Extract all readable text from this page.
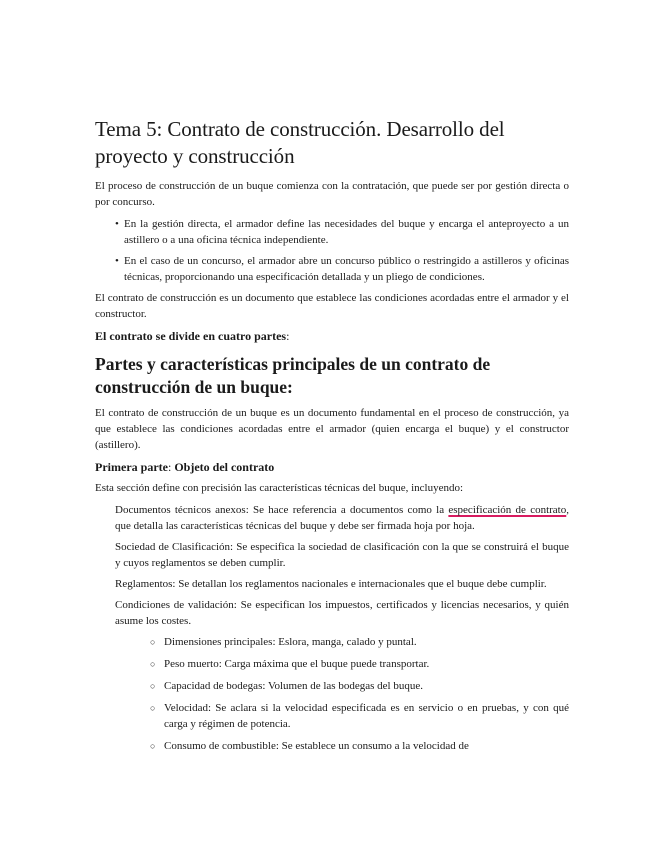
Tema 5: Contrato de construcción. Desarrollo del proyecto y construcción

El proceso de construcción de un buque comienza con la contratación, que puede ser por gestión directa o por concurso.

• En la gestión directa, el armador define las necesidades del buque y encarga el anteproyecto a un astillero o a una oficina técnica independiente.
• En el caso de un concurso, el armador abre un concurso público o restringido a astilleros y oficinas técnicas, proporcionando una especificación detallada y un pliego de condiciones.

El contrato de construcción es un documento que establece las condiciones acordadas entre el armador y el constructor.

El contrato se divide en cuatro partes:

Partes y características principales de un contrato de construcción de un buque:

El contrato de construcción de un buque es un documento fundamental en el proceso de construcción, ya que establece las condiciones acordadas entre el armador (quien encarga el buque) y el constructor (astillero).

Primera parte: Objeto del contrato

Esta sección define con precisión las características técnicas del buque, incluyendo:

Documentos técnicos anexos: Se hace referencia a documentos como la especificación de contrato, que detalla las características técnicas del buque y debe ser firmada hoja por hoja.

Sociedad de Clasificación: Se especifica la sociedad de clasificación con la que se construirá el buque y cuyos reglamentos se deben cumplir.

Reglamentos: Se detallan los reglamentos nacionales e internacionales que el buque debe cumplir.

Condiciones de validación: Se especifican los impuestos, certificados y licencias necesarios, y quién asume los costes.

○ Dimensiones principales: Eslora, manga, calado y puntal.
○ Peso muerto: Carga máxima que el buque puede transportar.
○ Capacidad de bodegas: Volumen de las bodegas del buque.
○ Velocidad: Se aclara si la velocidad especificada es en servicio o en pruebas, y con qué carga y régimen de potencia.
○ Consumo de combustible: Se establece un consumo a la velocidad de
